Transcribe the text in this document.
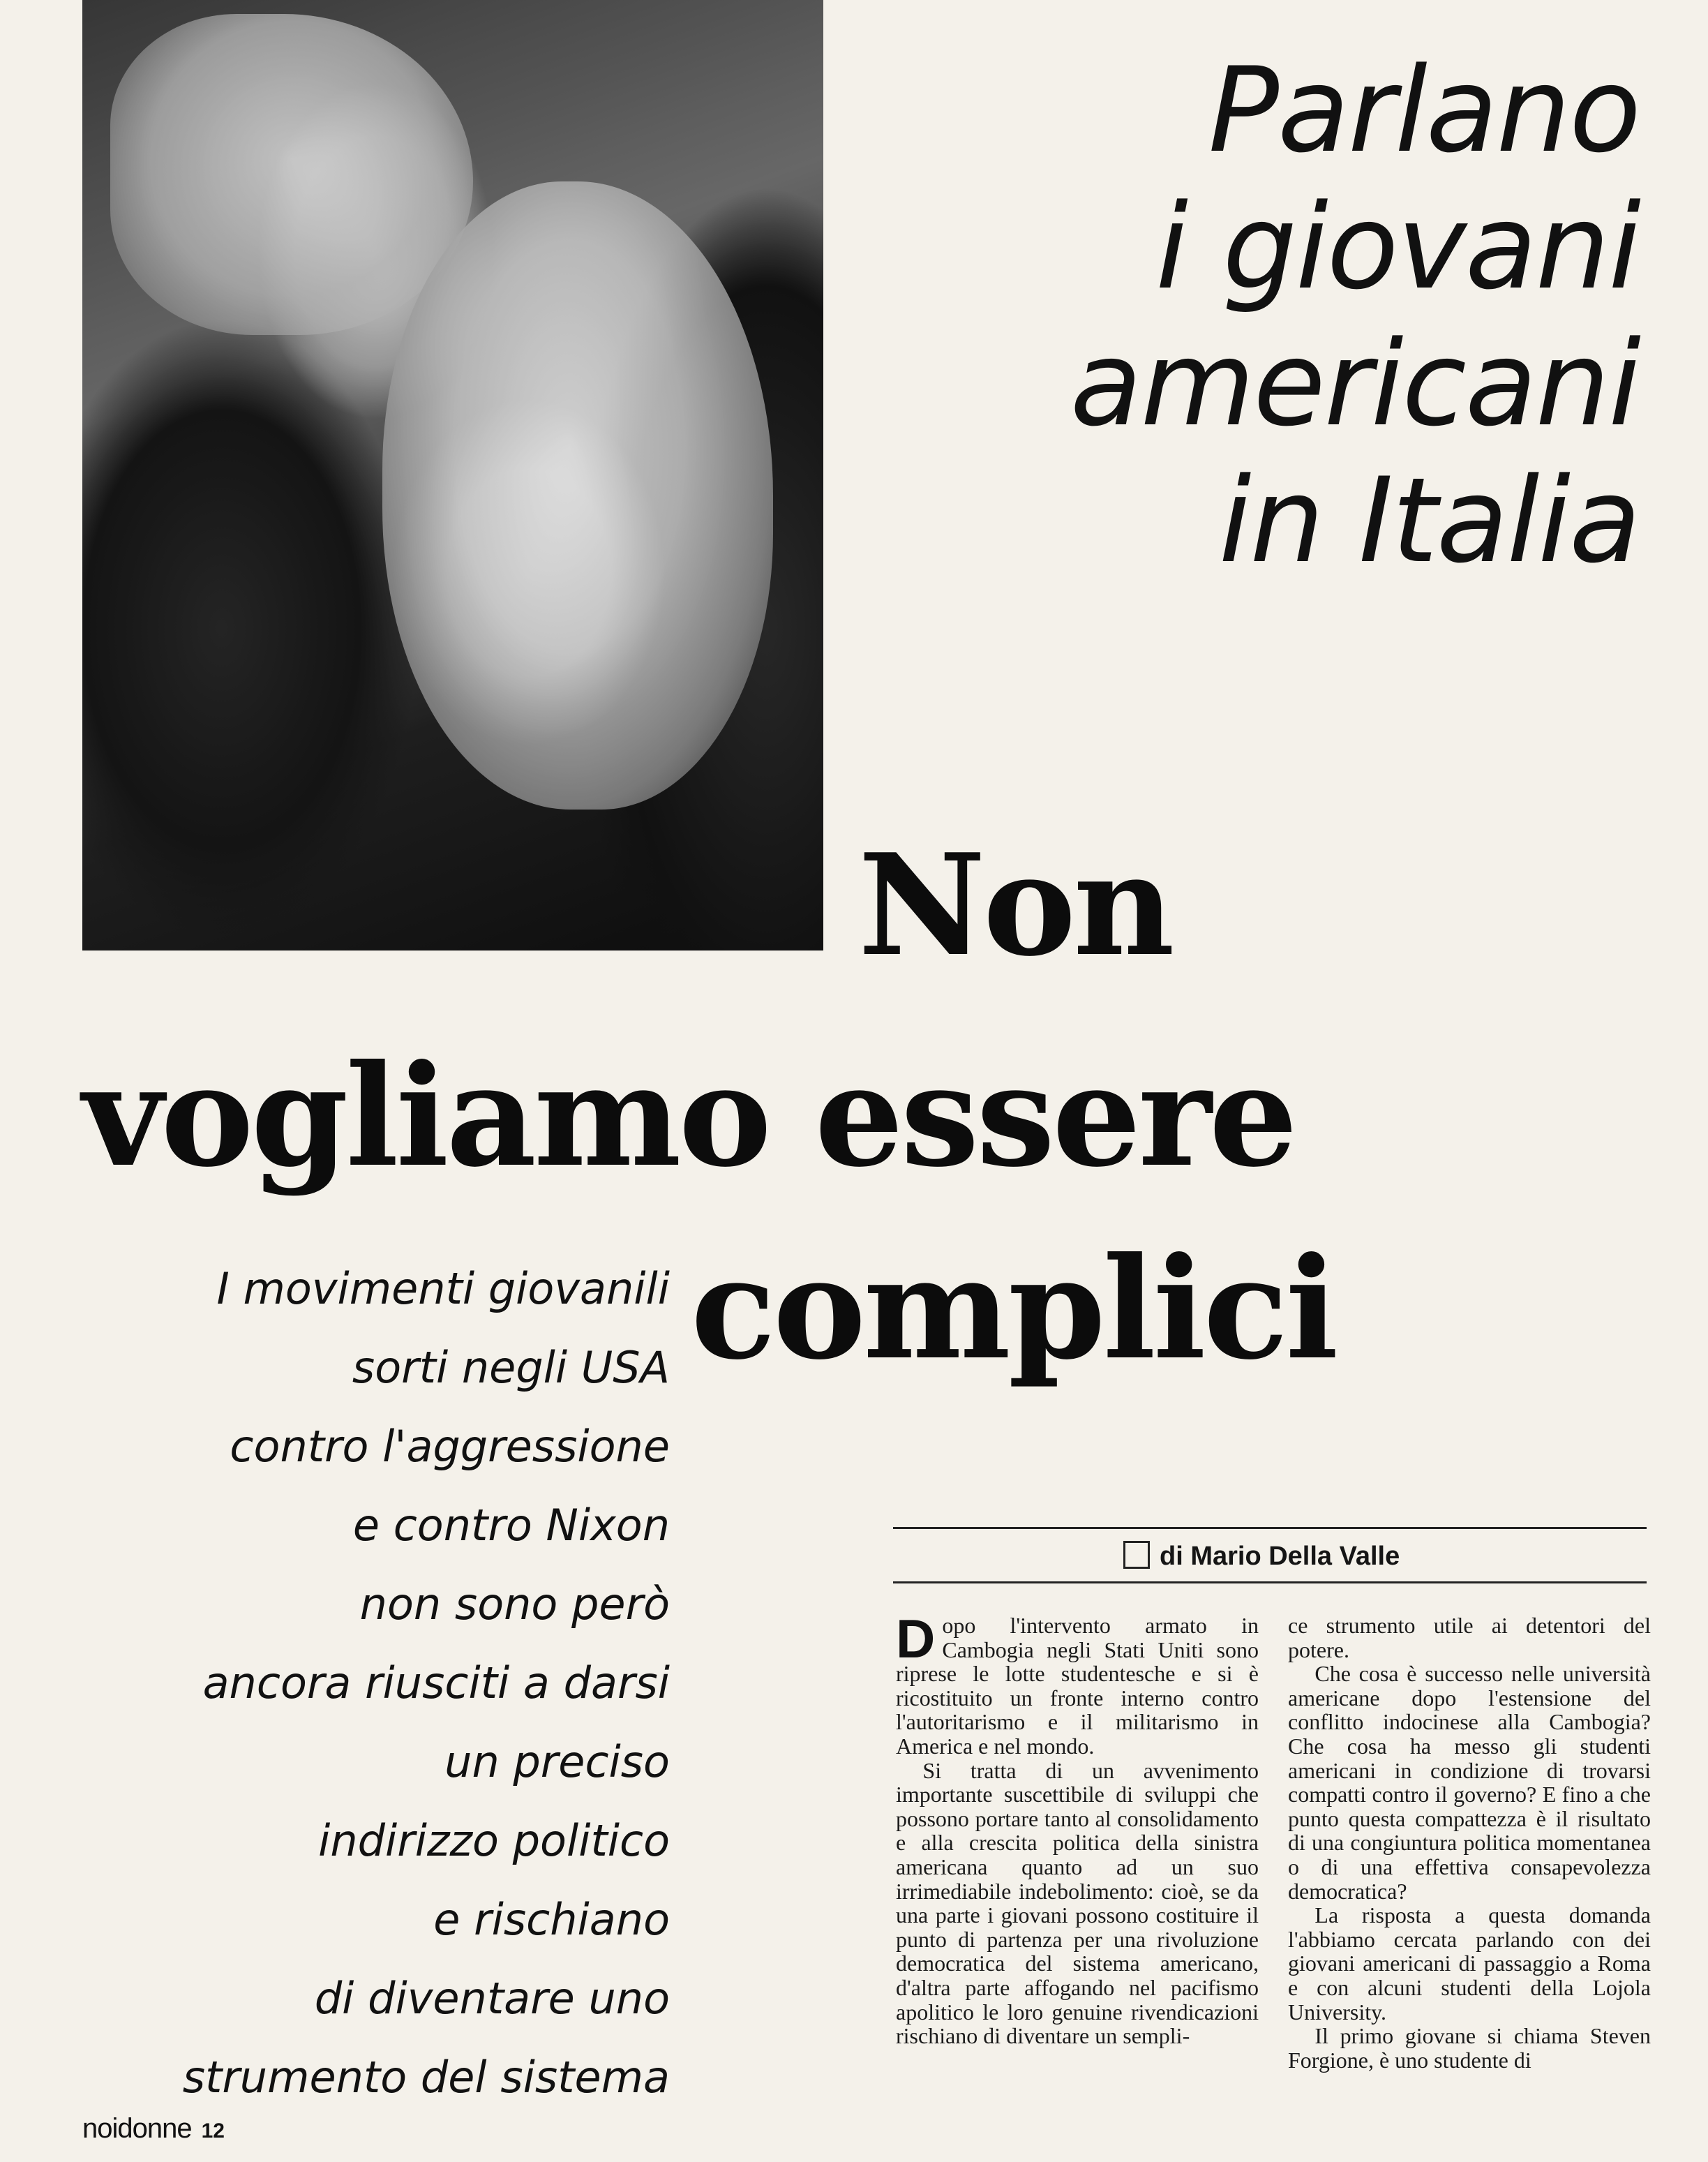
Parlano
i giovani
americani
in Italia
Non
vogliamo essere
complici
I movimenti giovanili
sorti negli USA
contro l'aggressione
e contro Nixon
non sono però
ancora riusciti a darsi
un preciso
indirizzo politico
e rischiano
di diventare uno
strumento del sistema
di Mario Della Valle

Dopo l'intervento armato in Cambogia negli Stati Uniti sono riprese le lotte studentesche e si è ricostituito un fronte interno contro l'autoritarismo e il militarismo in America e nel mondo.

Si tratta di un avvenimento importante suscettibile di sviluppi che possono portare tanto al consolidamento e alla crescita politica della sinistra americana quanto ad un suo irrimediabile indebolimento: cioè, se da una parte i giovani possono costituire il punto di partenza per una rivoluzione democratica del sistema americano, d'altra parte affogando nel pacifismo apolitico le loro genuine rivendicazioni rischiano di diventare un sempli-

ce strumento utile ai detentori del potere.

Che cosa è successo nelle università americane dopo l'estensione del conflitto indocinese alla Cambogia? Che cosa ha messo gli studenti americani in condizione di trovarsi compatti contro il governo? E fino a che punto questa compattezza è il risultato di una congiuntura politica momentanea o di una effettiva consapevolezza democratica?

La risposta a questa domanda l'abbiamo cercata parlando con dei giovani americani di passaggio a Roma e con alcuni studenti della Lojola University.

Il primo giovane si chiama Steven Forgione, è uno studente di

noidonne 12
